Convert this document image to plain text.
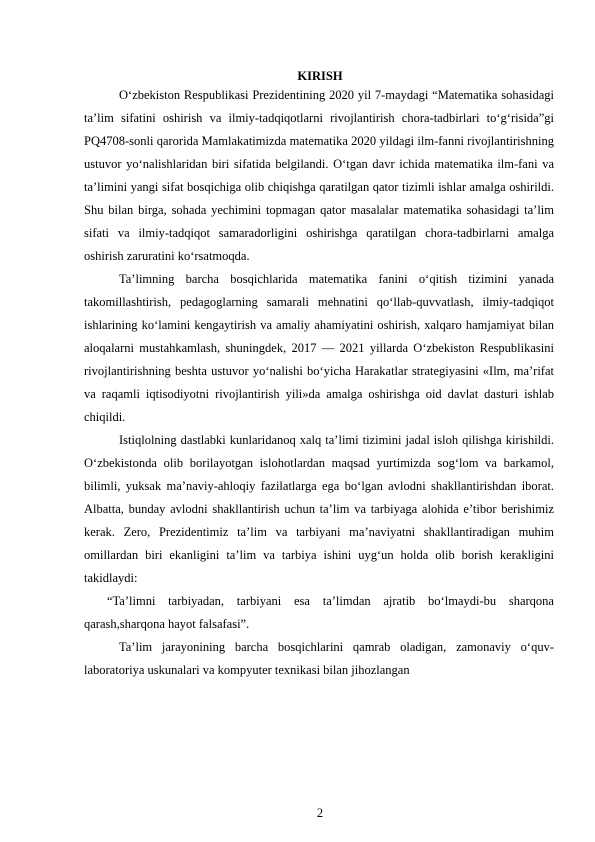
KIRISH

O‘zbekiston Respublikasi Prezidentining 2020 yil 7-maydagi “Matematika sohasidagi ta’lim sifatini oshirish va ilmiy-tadqiqotlarni rivojlantirish chora-tadbirlari to‘g‘risida”gi PQ4708-sonli qarorida Mamlakatimizda matematika 2020 yildagi ilm-fanni rivojlantirishning ustuvor yo‘nalishlaridan biri sifatida belgilandi. O‘tgan davr ichida matematika ilm-fani va ta’limini yangi sifat bosqichiga olib chiqishga qaratilgan qator tizimli ishlar amalga oshirildi. Shu bilan birga, sohada yechimini topmagan qator masalalar matematika sohasidagi ta’lim sifati va ilmiy-tadqiqot samaradorligini oshirishga qaratilgan chora-tadbirlarni amalga oshirish zaruratini ko‘rsatmoqda.

Ta’limning barcha bosqichlarida matematika fanini o‘qitish tizimini yanada takomillashtirish, pedagoglarning samarali mehnatini qo‘llab-quvvatlash, ilmiy-tadqiqot ishlarining ko‘lamini kengaytirish va amaliy ahamiyatini oshirish, xalqaro hamjamiyat bilan aloqalarni mustahkamlash, shuningdek, 2017 — 2021 yillarda O‘zbekiston Respublikasini rivojlantirishning beshta ustuvor yo‘nalishi bo‘yicha Harakatlar strategiyasini «Ilm, ma’rifat va raqamli iqtisodiyotni rivojlantirish yili»da amalga oshirishga oid davlat dasturi ishlab chiqildi.

Istiqlolning dastlabki kunlaridanoq xalq ta’limi tizimini jadal isloh qilishga kirishildi. O‘zbekistonda olib borilayotgan islohotlardan maqsad yurtimizda sog‘lom va barkamol, bilimli, yuksak ma’naviy-ahloqiy fazilatlarga ega bo‘lgan avlodni shakllantirishdan iborat. Albatta, bunday avlodni shakllantirish uchun ta’lim va tarbiyaga alohida e’tibor berishimiz kerak. Zero, Prezidentimiz ta’lim va tarbiyani ma’naviyatni shakllantiradigan muhim omillardan biri ekanligini ta’lim va tarbiya ishini uyg‘un holda olib borish kerakligini takidlaydi:

“Ta’limni tarbiyadan, tarbiyani esa ta’limdan ajratib bo‘lmaydi-bu sharqona qarash,sharqona hayot falsafasi”.

Ta’lim jarayonining barcha bosqichlarini qamrab oladigan, zamonaviy o‘quv-laboratoriya uskunalari va kompyuter texnikasi bilan jihozlangan

2
